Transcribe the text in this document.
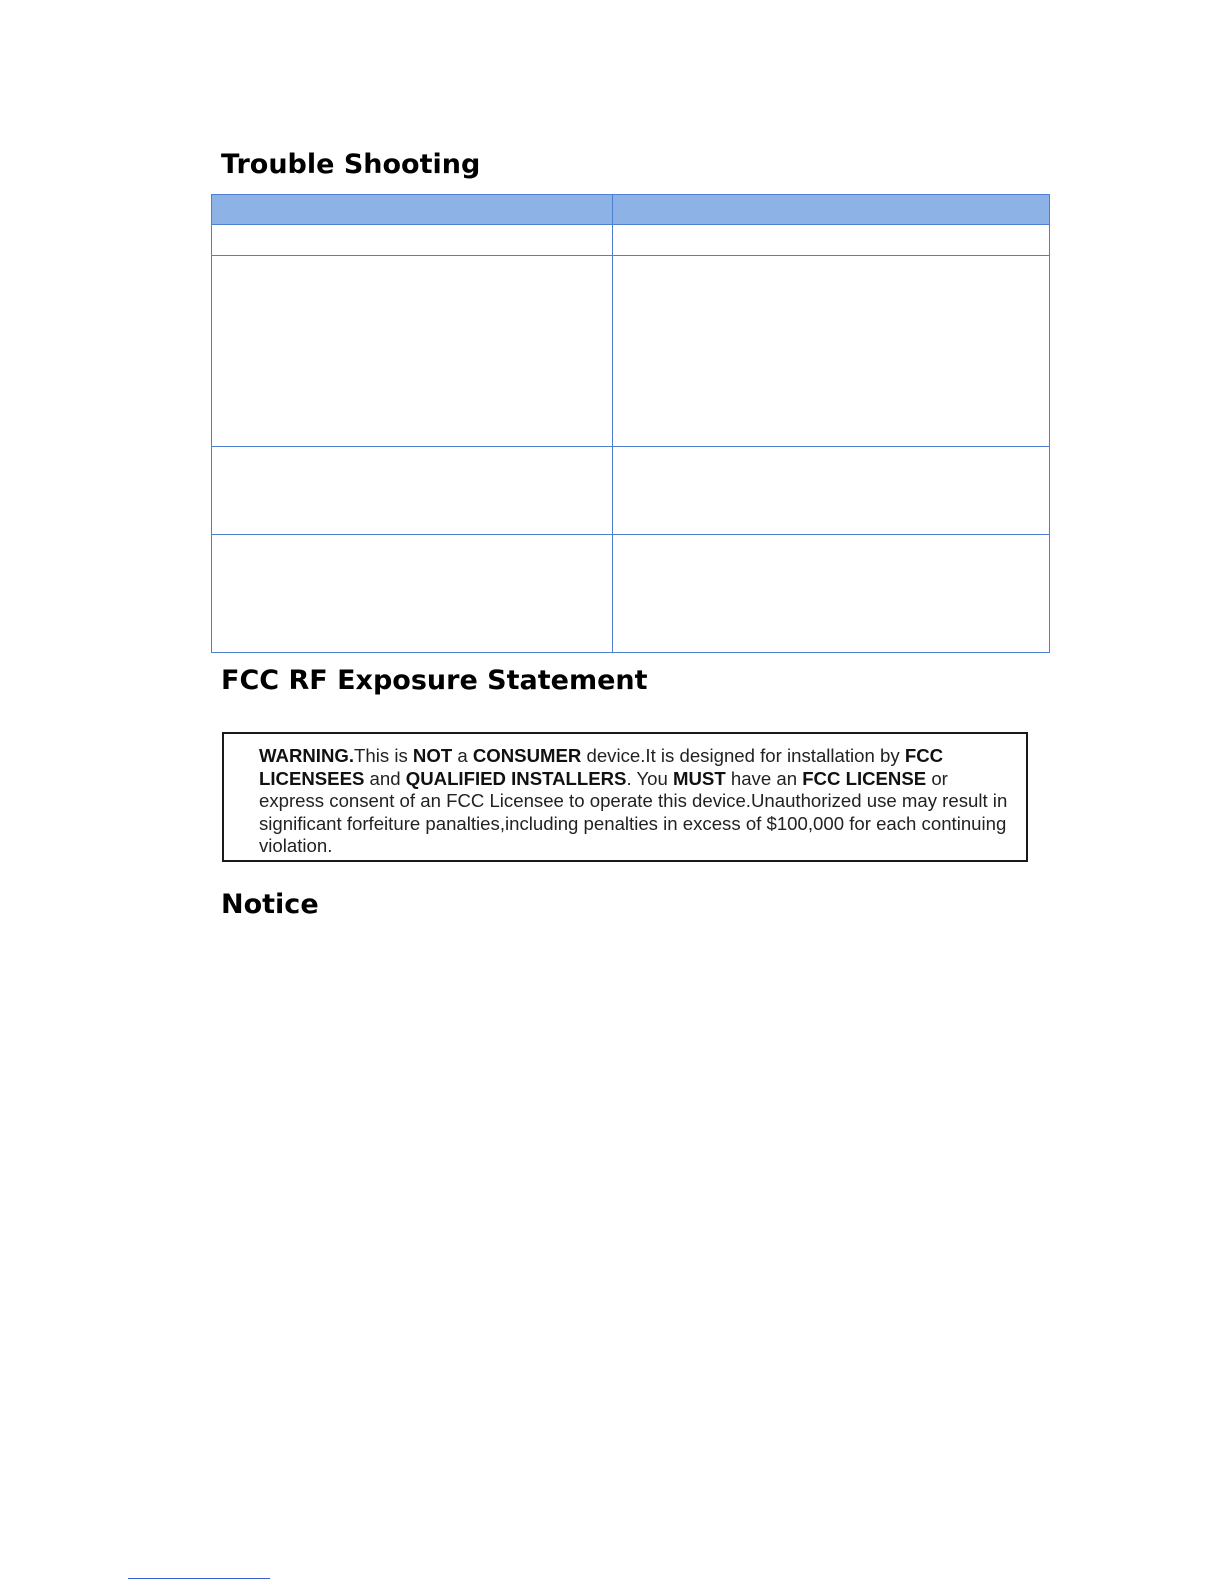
Trouble Shooting

FCC RF Exposure Statement
WARNING.This is NOT a CONSUMER device.It is designed for installation by FCC LICENSEES and QUALIFIED INSTALLERS. You MUST have an FCC LICENSE or express consent of an FCC Licensee to operate this device.Unauthorized use may result in significant forfeiture panalties,including penalties in excess of $100,000 for each continuing violation.
Notice
